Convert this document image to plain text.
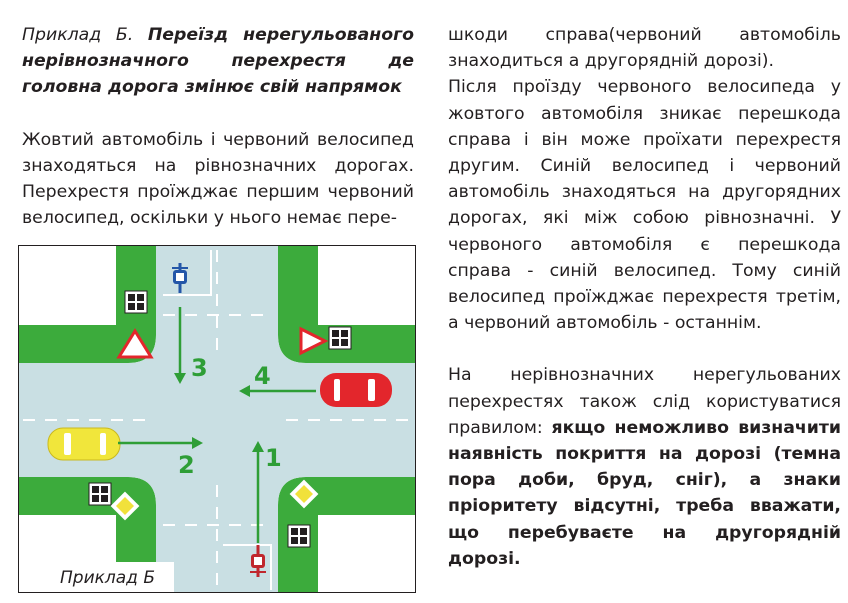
Приклад Б. Переїзд нерегульованого нерівнозначного перехрестя де головна дорога змінює свій напрямок

Жовтий автомобіль і червоний велосипед знаходяться на рівнозначних дорогах. Перехрестя проїжджає першим червоний велосипед, оскільки у нього немає пере-

3 4
2	1
Приклад Б

шкоди справа(червоний автомобіль знаходиться а другорядній дорозі).

Після проїзду червоного велосипеда у жовтого автомобіля зникає перешкода справа і він може проїхати перехрестя другим. Синій велосипед і червоний автомобіль знаходяться на другорядних дорогах, які між собою рівнозначні. У червоного автомобіля є перешкода справа - синій велосипед. Тому синій велосипед проїжджає перехрестя третім, а червоний автомобіль - останнім.

На нерівнозначних нерегульованих перехрестях також слід користуватися правилом: якщо неможливо визначити наявність покриття на дорозі (темна пора доби, бруд, сніг), а знаки пріоритету відсутні, треба вважати, що перебуваєте на другорядній дорозі.
